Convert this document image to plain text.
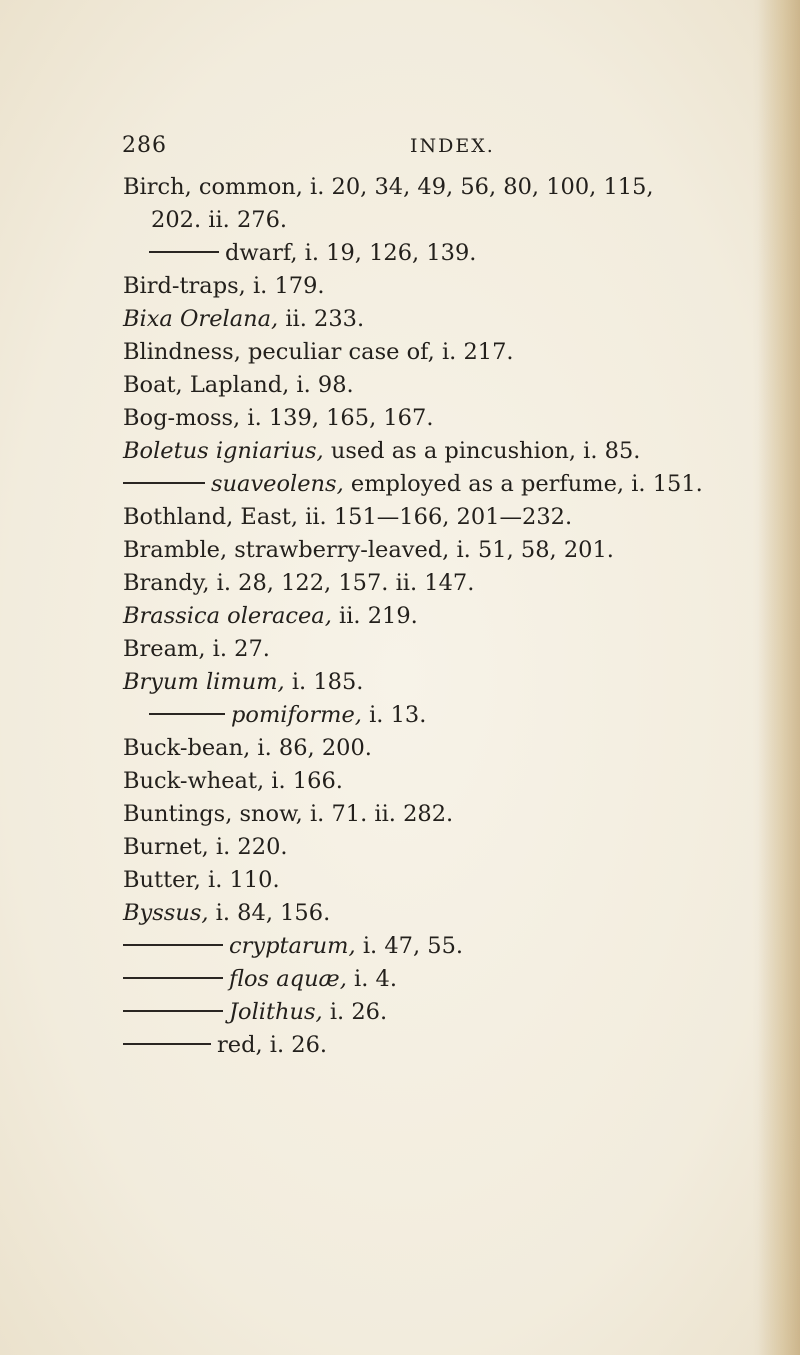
286	INDEX.
Birch, common, i. 20, 34, 49, 56, 80, 100, 115,
202. ii. 276.
dwarf, i. 19, 126, 139.
Bird-traps, i. 179.
Bixa Orelana, ii. 233.
Blindness, peculiar case of, i. 217.
Boat, Lapland, i. 98.
Bog-moss, i. 139, 165, 167.
Boletus igniarius, used as a pincushion, i. 85.
suaveolens, employed as a perfume, i. 151.
Bothland, East, ii. 151—166, 201—232.
Bramble, strawberry-leaved, i. 51, 58, 201.
Brandy, i. 28, 122, 157. ii. 147.
Brassica oleracea, ii. 219.
Bream, i. 27.
Bryum limum, i. 185.
pomiforme, i. 13.
Buck-bean, i. 86, 200.
Buck-wheat, i. 166.
Buntings, snow, i. 71. ii. 282.
Burnet, i. 220.
Butter, i. 110.
Byssus, i. 84, 156.
cryptarum, i. 47, 55.
flos aquæ, i. 4.
Jolithus, i. 26.
red, i. 26.
